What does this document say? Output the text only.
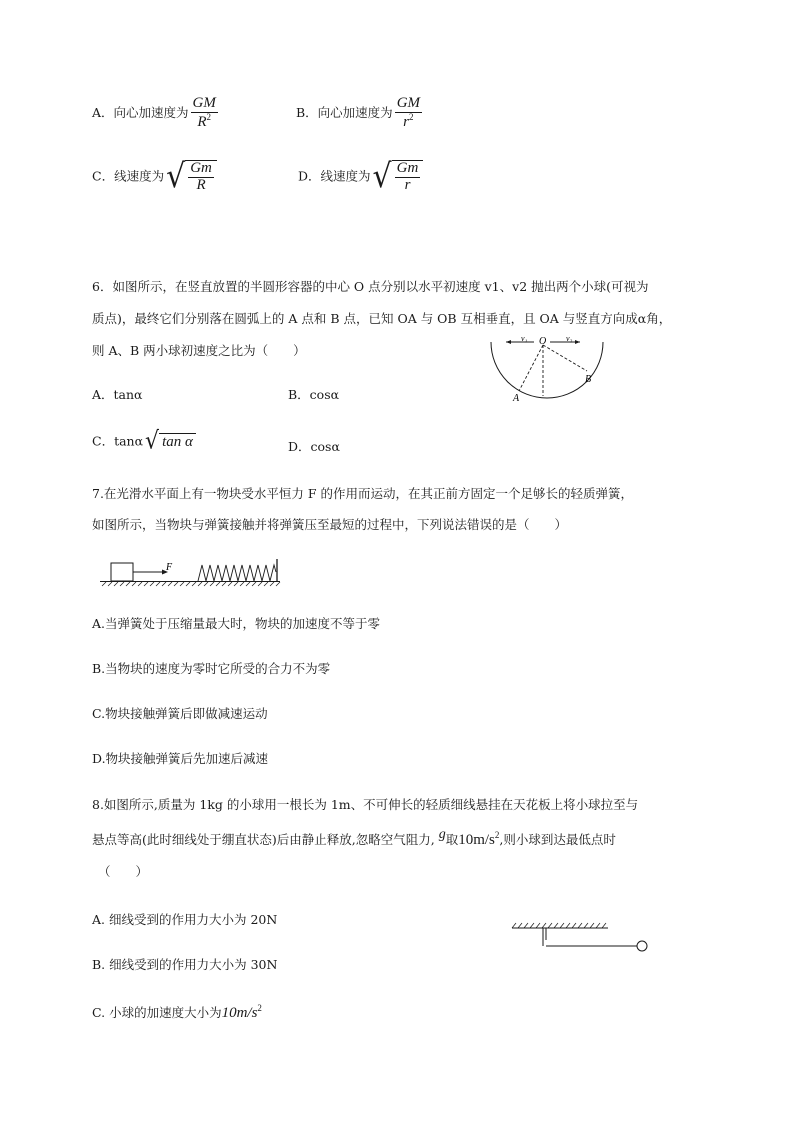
A．向心加速度为 $\frac{GM}{R^2}$	B．向心加速度为 $\frac{GM}{r^2}$
C．线速度为 √ $\frac{Gm}{R}$	D．线速度为 √ $\frac{Gm}{r}$
6．如图所示，在竖直放置的半圆形容器的中心 O 点分别以水平初速度 v1、v2 抛出两个小球(可视为
质点)，最终它们分别落在圆弧上的 A 点和 B 点，已知 OA 与 OB 互相垂直，且 OA 与竖直方向成α角，
则 A、B 两小球初速度之比为（　　）
v₁ O v₂
A
B
A．tanα	B．cosα
C．tanα √ tan α	D．cosα
7.在光滑水平面上有一物块受水平恒力 F 的作用而运动，在其正前方固定一个足够长的轻质弹簧，
如图所示，当物块与弹簧接触并将弹簧压至最短的过程中，下列说法错误的是（　　）
F
A.当弹簧处于压缩量最大时，物块的加速度不等于零
B.当物块的速度为零时它所受的合力不为零
C.物块接触弹簧后即做减速运动
D.物块接触弹簧后先加速后减速
8.如图所示,质量为 1kg 的小球用一根长为 1m、不可伸长的轻质细线悬挂在天花板上将小球拉至与
悬点等高(此时细线处于绷直状态)后由静止释放,忽略空气阻力, g取$10m/s^2$,则小球到达最低点时
（　　）
A. 细线受到的作用力大小为 20N
B. 细线受到的作用力大小为 30N
C. 小球的加速度大小为$10m/s^2$
